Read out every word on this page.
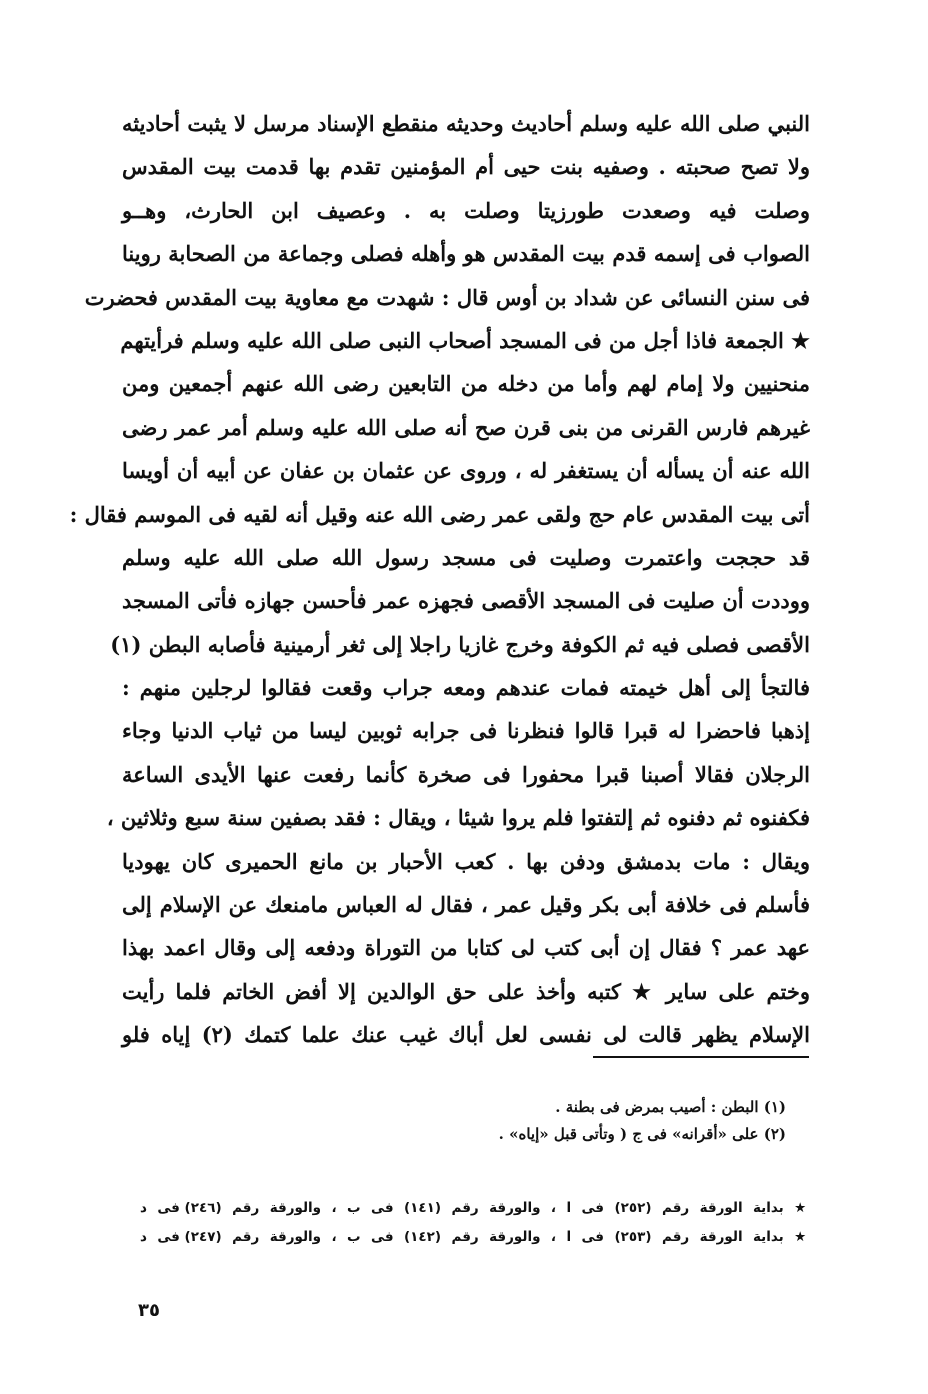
النبي صلى الله عليه وسلم أحاديث وحديثه منقطع الإسناد مرسل لا يثبت أحاديثه
ولا تصح صحبته . وصفيه بنت حيى أم المؤمنين تقدم بها قدمت بيت المقدس
وصلت فيه وصعدت طورزيتا وصلت به . وعصيف ابن الحارث، وهــو
الصواب فى إسمه قدم بيت المقدس هو وأهله فصلى وجماعة من الصحابة روينا
فى سنن النسائى عن شداد بن أوس قال : شهدت مع معاوية بيت المقدس فحضرت
★ الجمعة فاذا أجل من فى المسجد أصحاب النبى صلى الله عليه وسلم فرأيتهم
منحنيين ولا إمام لهم وأما من دخله من التابعين رضى الله عنهم أجمعين ومن
غيرهم فارس القرنى من بنى قرن صح أنه صلى الله عليه وسلم أمر عمر رضى
الله عنه أن يسأله أن يستغفر له ، وروى عن عثمان بن عفان عن أبيه أن أويسا
أتى بيت المقدس عام حج ولقى عمر رضى الله عنه وقيل أنه لقيه فى الموسم فقال :
قد حججت واعتمرت وصليت فى مسجد رسول الله صلى الله عليه وسلم
ووددت أن صليت فى المسجد الأقصى فجهزه عمر فأحسن جهازه فأتى المسجد
الأقصى فصلى فيه ثم الكوفة وخرج غازيا راجلا إلى ثغر أرمينية فأصابه البطن (١)
فالتجأ إلى أهل خيمته فمات عندهم ومعه جراب وقعت فقالوا لرجلين منهم :
إذهبا فاحضرا له قبرا قالوا فنظرنا فى جرابه ثوبين ليسا من ثياب الدنيا وجاء
الرجلان فقالا أصبنا قبرا محفورا فى صخرة كأنما رفعت عنها الأيدى الساعة
فكفنوه ثم دفنوه ثم إلتفتوا فلم يروا شيئا ، ويقال : فقد بصفين سنة سبع وثلاثين ،
ويقال : مات بدمشق ودفن بها . كعب الأحبار بن مانع الحميرى كان يهوديا
فأسلم فى خلافة أبى بكر وقيل عمر ، فقال له العباس مامنعك عن الإسلام إلى
عهد عمر ؟ فقال إن أبى كتب لى كتابا من التوراة ودفعه إلى وقال اعمد بهذا
وختم على ساير ★ كتبه وأخذ على حق الوالدين إلا أفض الخاتم فلما رأيت
الإسلام يظهر قالت لى نفسى لعل أباك غيب عنك علما كتمك (٢) إياه فلو
(١) البطن : أصيب بمرض فى بطنة .
(٢) على «أقرانه» فى ج ( وتأتى قبل «إياه» .
★ بداية الورقة رقم (٢٥٢) فى ا ، والورقة رقم (١٤١) فى ب ، والورقة رقم (٢٤٦) فى د
★ بداية الورقة رقم (٢٥٣) فى ا ، والورقة رقم (١٤٢) فى ب ، والورقة رقم (٢٤٧) فى د
٣٥
